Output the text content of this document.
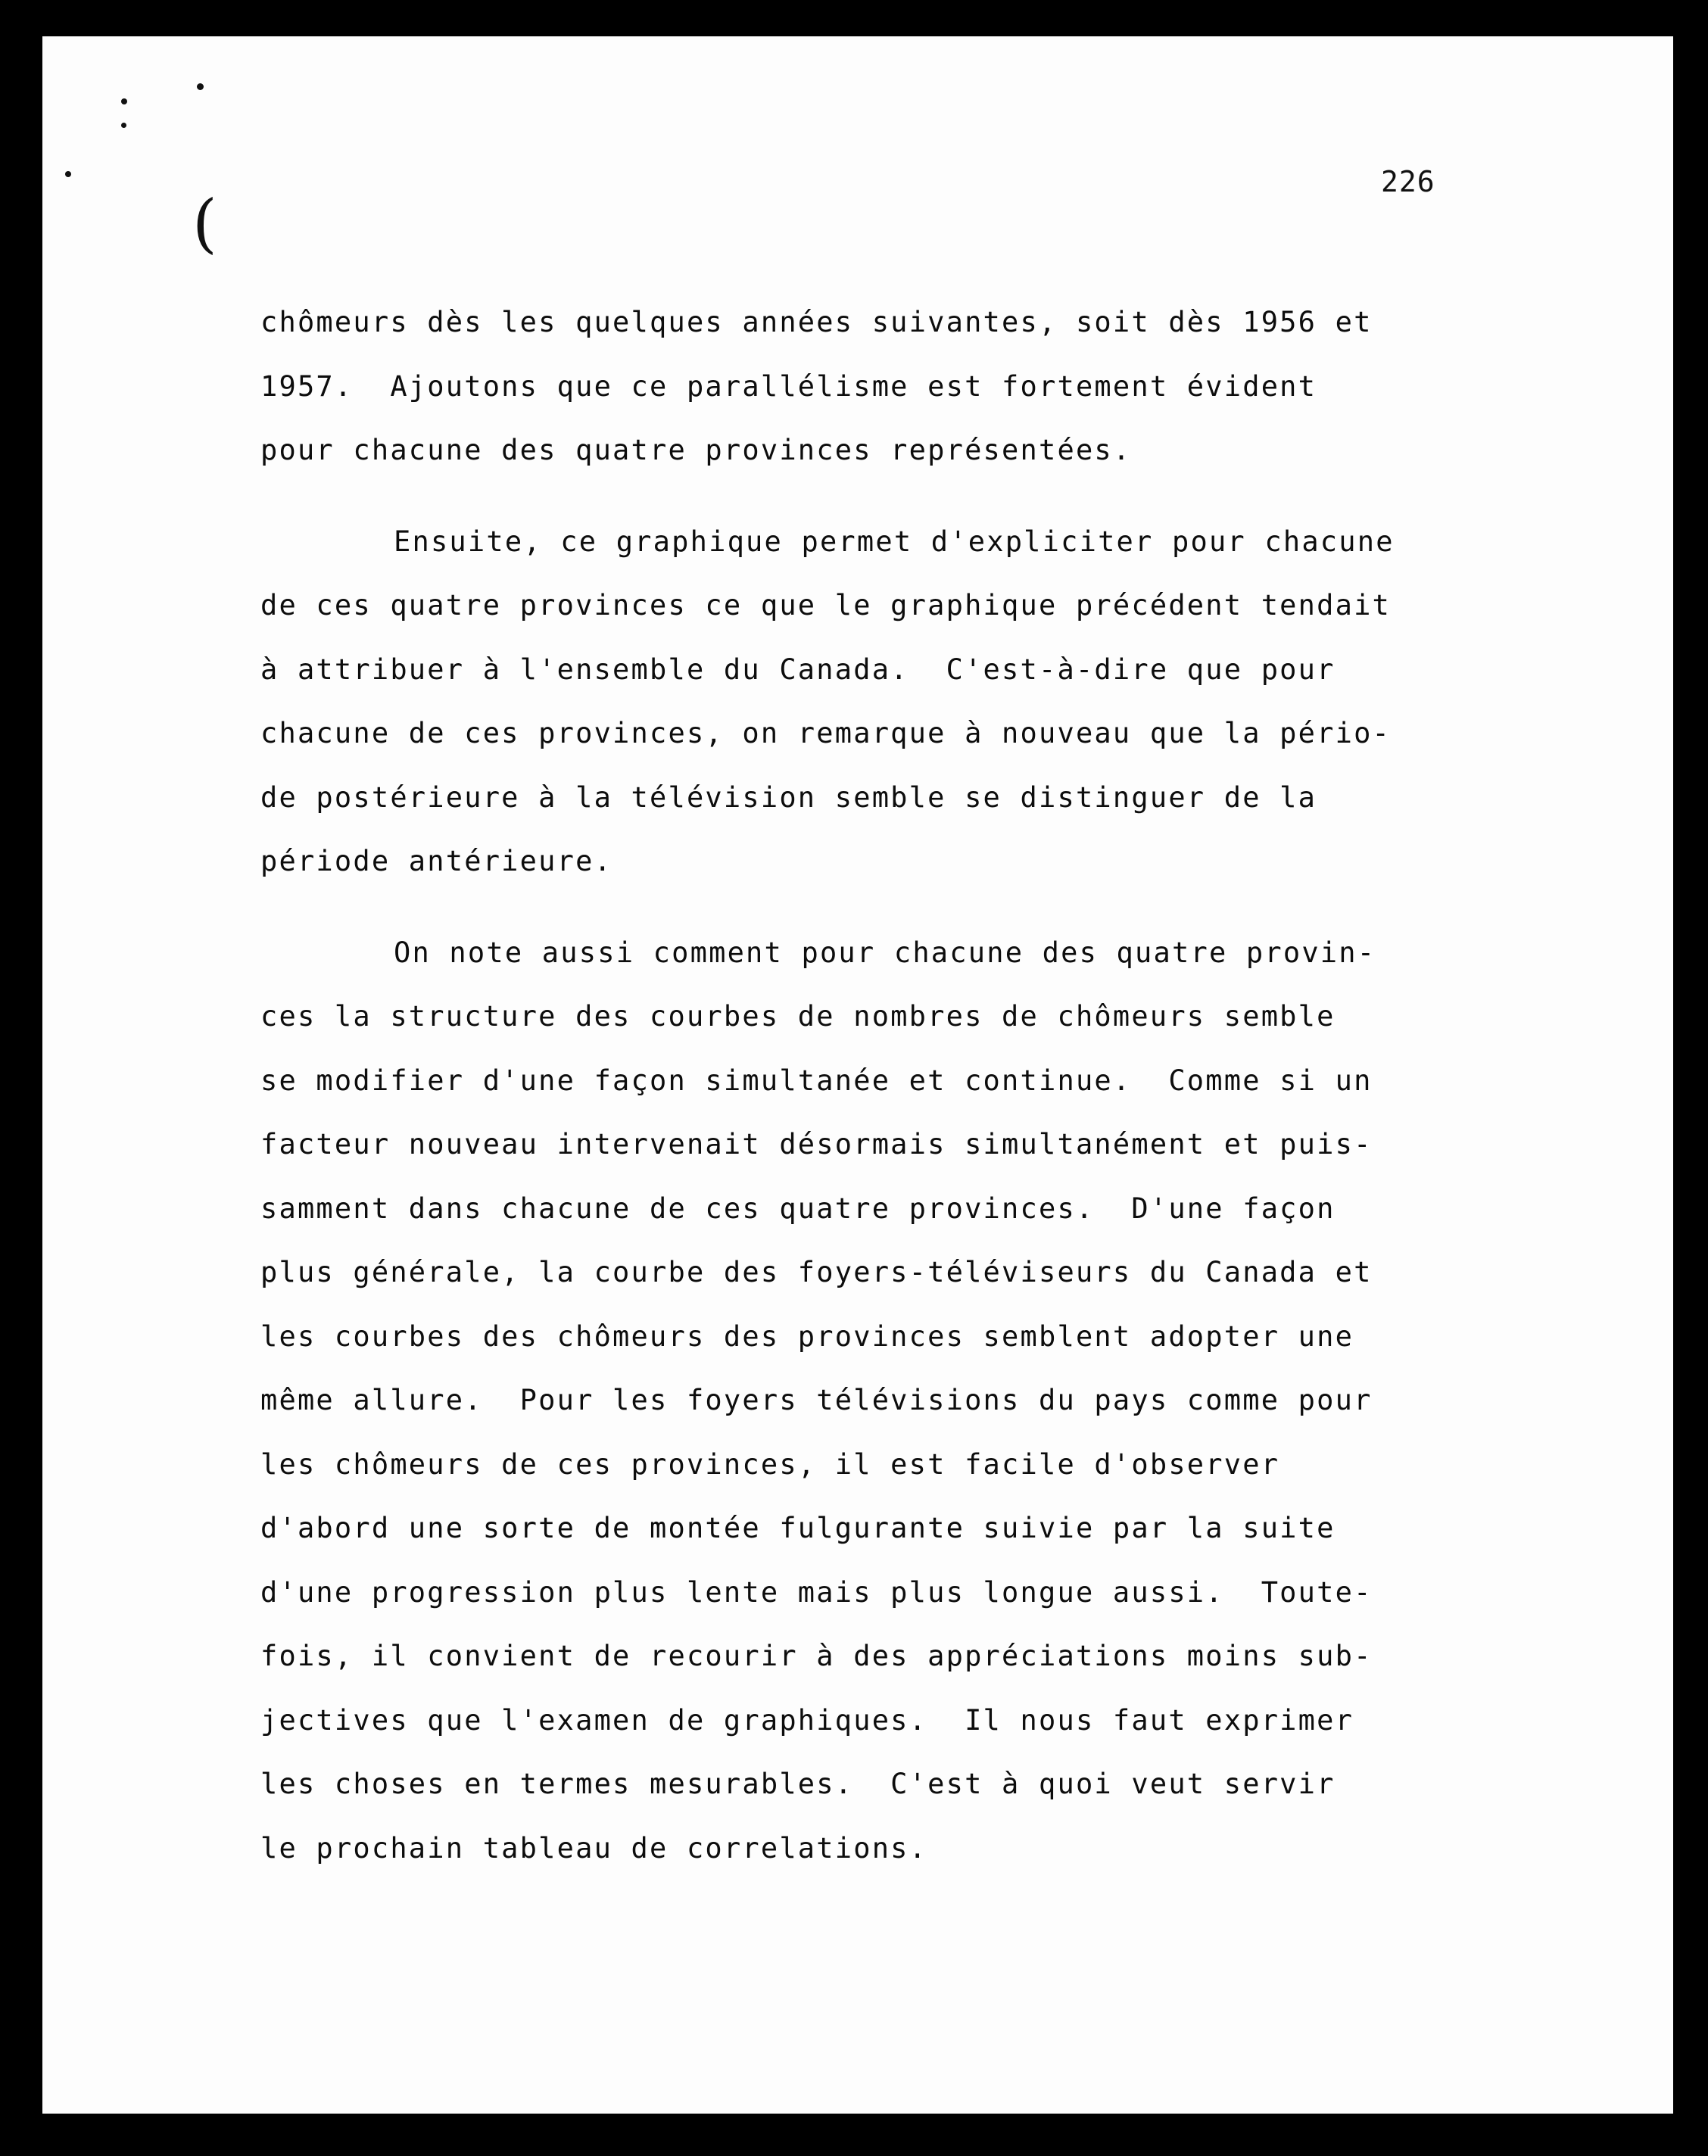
(
226
chômeurs dès les quelques années suivantes, soit dès 1956 et
1957.  Ajoutons que ce parallélisme est fortement évident
pour chacune des quatre provinces représentées.
Ensuite, ce graphique permet d'expliciter pour chacune
de ces quatre provinces ce que le graphique précédent tendait
à attribuer à l'ensemble du Canada.  C'est-à-dire que pour
chacune de ces provinces, on remarque à nouveau que la pério-
de postérieure à la télévision semble se distinguer de la
période antérieure.
On note aussi comment pour chacune des quatre provin-
ces la structure des courbes de nombres de chômeurs semble
se modifier d'une façon simultanée et continue.  Comme si un
facteur nouveau intervenait désormais simultanément et puis-
samment dans chacune de ces quatre provinces.  D'une façon
plus générale, la courbe des foyers-téléviseurs du Canada et
les courbes des chômeurs des provinces semblent adopter une
même allure.  Pour les foyers télévisions du pays comme pour
les chômeurs de ces provinces, il est facile d'observer
d'abord une sorte de montée fulgurante suivie par la suite
d'une progression plus lente mais plus longue aussi.  Toute-
fois, il convient de recourir à des appréciations moins sub-
jectives que l'examen de graphiques.  Il nous faut exprimer
les choses en termes mesurables.  C'est à quoi veut servir
le prochain tableau de correlations.
